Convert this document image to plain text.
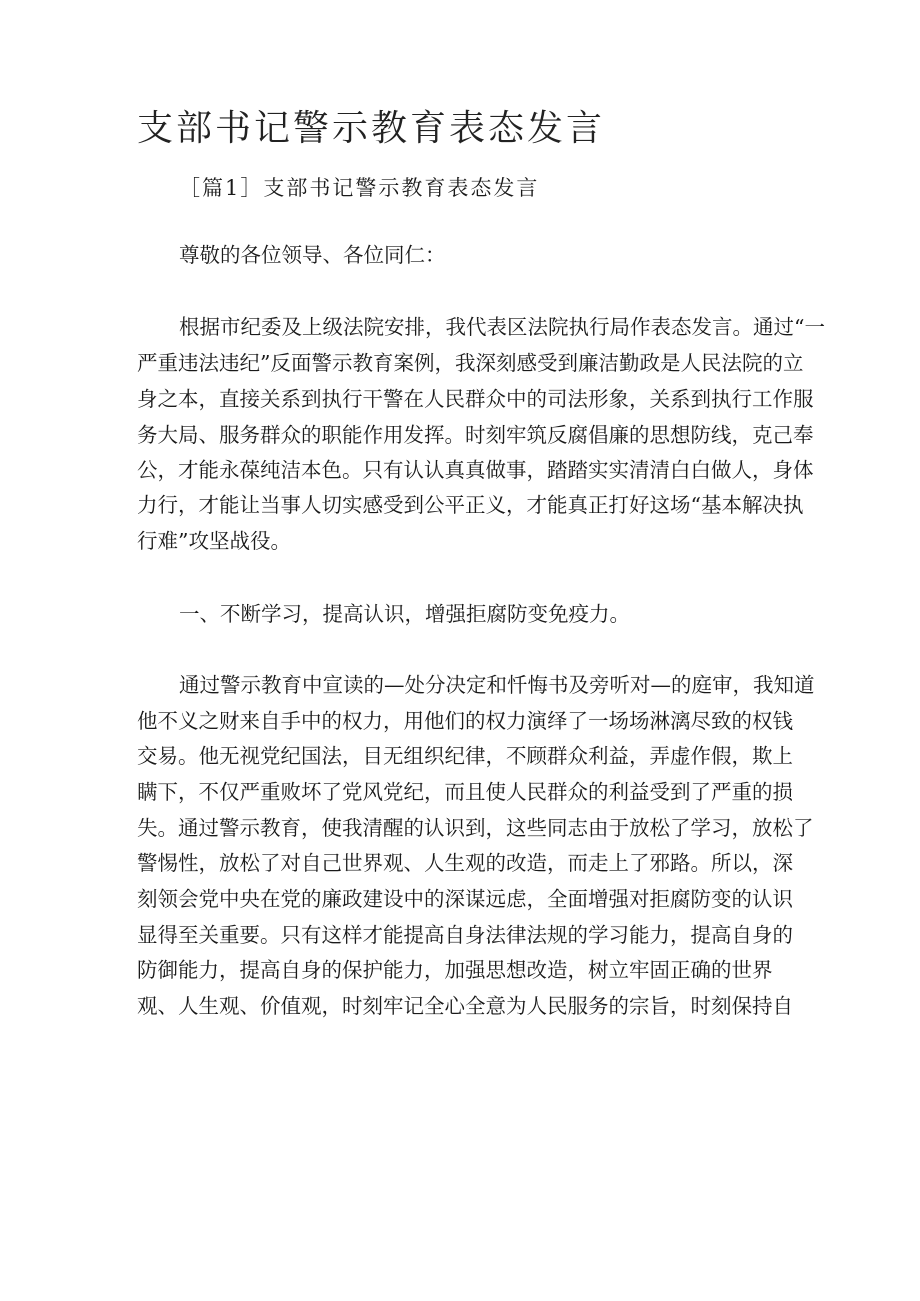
支部书记警示教育表态发言

［篇1］支部书记警示教育表态发言

尊敬的各位领导、各位同仁：

根据市纪委及上级法院安排，我代表区法院执行局作表态发言。通过“一

严重违法违纪”反面警示教育案例，我深刻感受到廉洁勤政是人民法院的立

身之本，直接关系到执行干警在人民群众中的司法形象，关系到执行工作服

务大局、服务群众的职能作用发挥。时刻牢筑反腐倡廉的思想防线，克己奉

公，才能永葆纯洁本色。只有认认真真做事，踏踏实实清清白白做人，身体

力行，才能让当事人切实感受到公平正义，才能真正打好这场“基本解决执

行难”攻坚战役。

一、不断学习，提高认识，增强拒腐防变免疫力。

通过警示教育中宣读的—处分决定和忏悔书及旁听对—的庭审，我知道

他不义之财来自手中的权力，用他们的权力演绎了一场场淋漓尽致的权钱

交易。他无视党纪国法，目无组织纪律，不顾群众利益，弄虚作假，欺上

瞒下，不仅严重败坏了党风党纪，而且使人民群众的利益受到了严重的损

失。通过警示教育，使我清醒的认识到，这些同志由于放松了学习，放松了

警惕性，放松了对自己世界观、人生观的改造，而走上了邪路。所以，深

刻领会党中央在党的廉政建设中的深谋远虑，全面增强对拒腐防变的认识

显得至关重要。只有这样才能提高自身法律法规的学习能力，提高自身的

防御能力，提高自身的保护能力，加强思想改造，树立牢固正确的世界

观、人生观、价值观，时刻牢记全心全意为人民服务的宗旨，时刻保持自
